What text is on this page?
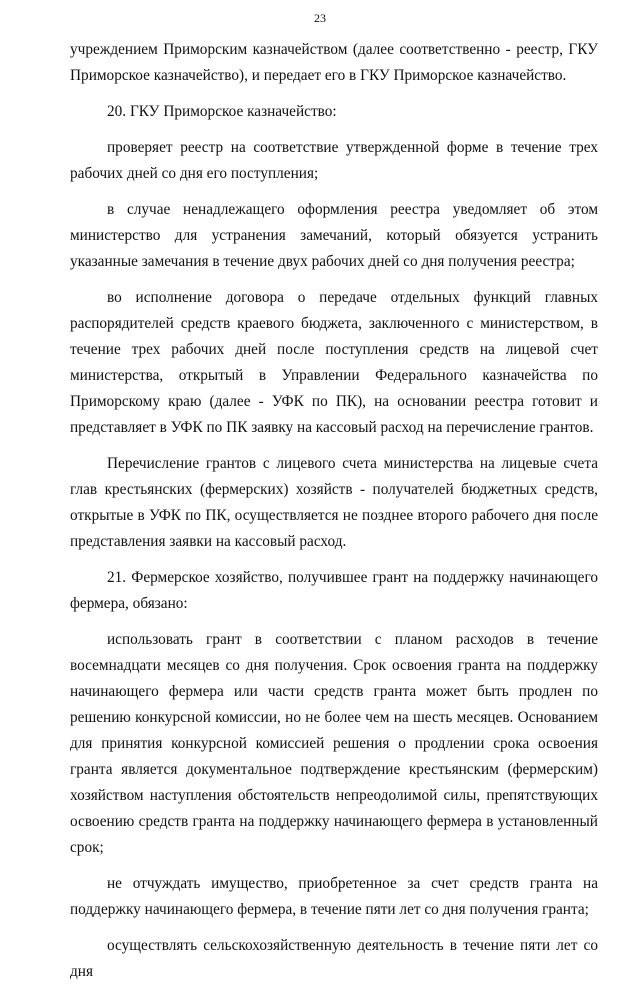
23

учреждением Приморским казначейством (далее соответственно - реестр, ГКУ Приморское казначейство), и передает его в ГКУ Приморское казначейство.

20. ГКУ Приморское казначейство:

проверяет реестр на соответствие утвержденной форме в течение трех рабочих дней со дня его поступления;

в случае ненадлежащего оформления реестра уведомляет об этом министерство для устранения замечаний, который обязуется устранить указанные замечания в течение двух рабочих дней со дня получения реестра;

во исполнение договора о передаче отдельных функций главных распорядителей средств краевого бюджета, заключенного с министерством, в течение трех рабочих дней после поступления средств на лицевой счет министерства, открытый в Управлении Федерального казначейства по Приморскому краю (далее - УФК по ПК), на основании реестра готовит и представляет в УФК по ПК заявку на кассовый расход на перечисление грантов.

Перечисление грантов с лицевого счета министерства на лицевые счета глав крестьянских (фермерских) хозяйств - получателей бюджетных средств, открытые в УФК по ПК, осуществляется не позднее второго рабочего дня после представления заявки на кассовый расход.

21. Фермерское хозяйство, получившее грант на поддержку начинающего фермера, обязано:

использовать грант в соответствии с планом расходов в течение восемнадцати месяцев со дня получения. Срок освоения гранта на поддержку начинающего фермера или части средств гранта может быть продлен по решению конкурсной комиссии, но не более чем на шесть месяцев. Основанием для принятия конкурсной комиссией решения о продлении срока освоения гранта является документальное подтверждение крестьянским (фермерским) хозяйством наступления обстоятельств непреодолимой силы, препятствующих освоению средств гранта на поддержку начинающего фермера в установленный срок;

не отчуждать имущество, приобретенное за счет средств гранта на поддержку начинающего фермера, в течение пяти лет со дня получения гранта;

осуществлять сельскохозяйственную деятельность в течение пяти лет со дня
